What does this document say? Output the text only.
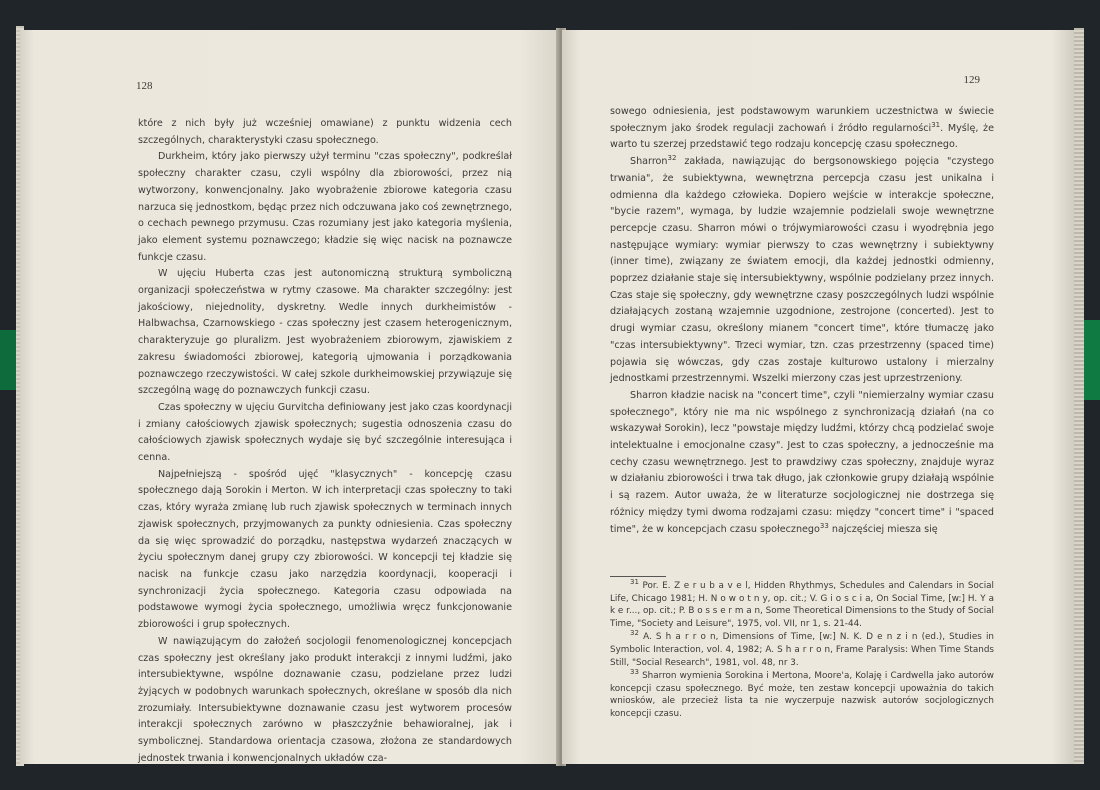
128

które z nich były już wcześniej omawiane) z punktu widzenia cech szczególnych, charakterystyki czasu społecznego.

Durkheim, który jako pierwszy użył terminu "czas społeczny", podkreślał społeczny charakter czasu, czyli wspólny dla zbiorowości, przez nią wytworzony, konwencjonalny. Jako wyobrażenie zbiorowe kategoria czasu narzuca się jednostkom, będąc przez nich odczuwana jako coś zewnętrznego, o cechach pewnego przymusu. Czas rozumiany jest jako kategoria myślenia, jako element systemu poznawczego; kładzie się więc nacisk na poznawcze funkcje czasu.

W ujęciu Huberta czas jest autonomiczną strukturą symboliczną organizacji społeczeństwa w rytmy czasowe. Ma charakter szczególny: jest jakościowy, niejednolity, dyskretny. Wedle innych durkheimistów - Halbwachsa, Czarnowskiego - czas społeczny jest czasem heterogenicznym, charakteryzuje go pluralizm. Jest wyobrażeniem zbiorowym, zjawiskiem z zakresu świadomości zbiorowej, kategorią ujmowania i porządkowania poznawczego rzeczywistości. W całej szkole durkheimowskiej przywiązuje się szczególną wagę do poznawczych funkcji czasu.

Czas społeczny w ujęciu Gurvitcha definiowany jest jako czas koordynacji i zmiany całościowych zjawisk społecznych; sugestia odnoszenia czasu do całościowych zjawisk społecznych wydaje się być szczególnie interesująca i cenna.

Najpełniejszą - spośród ujęć "klasycznych" - koncepcję czasu społecznego dają Sorokin i Merton. W ich interpretacji czas społeczny to taki czas, który wyraża zmianę lub ruch zjawisk społecznych w terminach innych zjawisk społecznych, przyjmowanych za punkty odniesienia. Czas społeczny da się więc sprowadzić do porządku, następstwa wydarzeń znaczących w życiu społecznym danej grupy czy zbiorowości. W koncepcji tej kładzie się nacisk na funkcje czasu jako narzędzia koordynacji, kooperacji i synchronizacji życia społecznego. Kategoria czasu odpowiada na podstawowe wymogi życia społecznego, umożliwia wręcz funkcjonowanie zbiorowości i grup społecznych.

W nawiązującym do założeń socjologii fenomenologicznej koncepcjach czas społeczny jest określany jako produkt interakcji z innymi ludźmi, jako intersubiektywne, wspólne doznawanie czasu, podzielane przez ludzi żyjących w podobnych warunkach społecznych, określane w sposób dla nich zrozumiały. Intersubiektywne doznawanie czasu jest wytworem procesów interakcji społecznych zarówno w płaszczyźnie behawioralnej, jak i symbolicznej. Standardowa orientacja czasowa, złożona ze standardowych jednostek trwania i konwencjonalnych układów cza-

129

sowego odniesienia, jest podstawowym warunkiem uczestnictwa w świecie społecznym jako środek regulacji zachowań i źródło regularności$^{31}$. Myślę, że warto tu szerzej przedstawić tego rodzaju koncepcję czasu społecznego.

Sharron$^{32}$ zakłada, nawiązując do bergsonowskiego pojęcia "czystego trwania", że subiektywna, wewnętrzna percepcja czasu jest unikalna i odmienna dla każdego człowieka. Dopiero wejście w interakcje społeczne, "bycie razem", wymaga, by ludzie wzajemnie podzielali swoje wewnętrzne percepcje czasu. Sharron mówi o trójwymiarowości czasu i wyodrębnia jego następujące wymiary: wymiar pierwszy to czas wewnętrzny i subiektywny (inner time), związany ze światem emocji, dla każdej jednostki odmienny, poprzez działanie staje się intersubiektywny, wspólnie podzielany przez innych. Czas staje się społeczny, gdy wewnętrzne czasy poszczególnych ludzi wspólnie działających zostaną wzajemnie uzgodnione, zestrojone (concerted). Jest to drugi wymiar czasu, określony mianem "concert time", które tłumaczę jako "czas intersubiektywny". Trzeci wymiar, tzn. czas przestrzenny (spaced time) pojawia się wówczas, gdy czas zostaje kulturowo ustalony i mierzalny jednostkami przestrzennymi. Wszelki mierzony czas jest uprzestrzeniony.

Sharron kładzie nacisk na "concert time", czyli "niemierzalny wymiar czasu społecznego", który nie ma nic wspólnego z synchronizacją działań (na co wskazywał Sorokin), lecz "powstaje między ludźmi, którzy chcą podzielać swoje intelektualne i emocjonalne czasy". Jest to czas społeczny, a jednocześnie ma cechy czasu wewnętrznego. Jest to prawdziwy czas społeczny, znajduje wyraz w działaniu zbiorowości i trwa tak długo, jak członkowie grupy działają wspólnie i są razem. Autor uważa, że w literaturze socjologicznej nie dostrzega się różnicy między tymi dwoma rodzajami czasu: między "concert time" i "spaced time", że w koncepcjach czasu społecznego$^{33}$ najczęściej miesza się

$^{31}$ Por. E. Z e r u b a v e l, Hidden Rhythmys, Schedules and Calendars in Social Life, Chicago 1981; H. N o w o t n y, op. cit.; V. G i o s c i a, On Social Time, [w:] H. Y a k e r..., op. cit.; P. B o s s e r m a n, Some Theoretical Dimensions to the Study of Social Time, "Society and Leisure", 1975, vol. VII, nr 1, s. 21-44.

$^{32}$ A. S h a r r o n, Dimensions of Time, [w:] N. K. D e n z i n (ed.), Studies in Symbolic Interaction, vol. 4, 1982; A. S h a r r o n, Frame Paralysis: When Time Stands Still, "Social Research", 1981, vol. 48, nr 3.

$^{33}$ Sharron wymienia Sorokina i Mertona, Moore'a, Kolaję i Cardwella jako autorów koncepcji czasu społecznego. Być może, ten zestaw koncepcji upoważnia do takich wniosków, ale przecież lista ta nie wyczerpuje nazwisk autorów socjologicznych koncepcji czasu.
